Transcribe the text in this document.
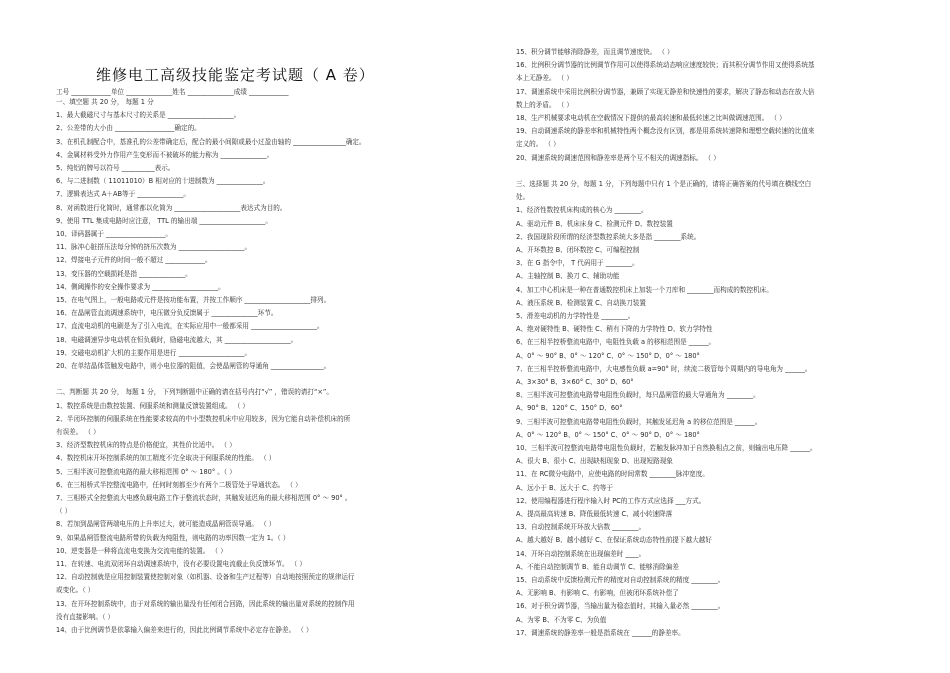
维修电工高级技能鉴定考试题（ A 卷）
工号 ____________单位 ______________姓名 ______________成绩 ____________
一、填空题 共 20 分， 每题 1 分
1、最大截磁尺寸与基本尺寸的关系是 ____________________。
2、公差带的大小由 __________________确定的。
3、在机孔制配合中，基准孔的公差带确定后，配合的最小间隙或最小过盈由轴的 ________________确定。
4、金属材料受外力作用产生变形而不被破坏的能力称为 ______________。
5、纯铝的牌号以符号 __________表示。
6、与二进制数（ 11011010）B 相对应的十进制数为 ______________。
7、逻辑表达式 A＋AB等于 ______________。
8、对函数进行化简时，通常都以化简为 ____________________表达式为目的。
9、使用 TTL 集成电路时应注意， TTL 的输出端 ____________________。
10、译码器属于 __________________。
11、脉冲心脏搭压法每分钟的挤压次数为 ____________________。
12、焊接电子元件的时间一般不超过 ____________。
13、变压器的空载损耗是指 ______________。
14、侧阈操作的安全操作要求为 ____________________。
15、在电气图上，一般电路或元件是按功能布置，并按工作顺序 ____________________排列。
16、在晶闸管直流调速系统中，电压微分负反馈属于 ______________环节。
17、直流电动机的电刷是为了引入电流，在实际应用中一般都采用 ____________________。
18、电磁调速异步电动机在恒负载时，励磁电流越大，其 ____________________。
19、交磁电动机扩大机的主要作用是进行 ____________________。
20、在单结晶体管触发电路中，则小电位器的阻值，会使晶闸管的导通角 ________________。
二、判断题 共 20 分， 每题 1 分， 下列判断题中正确的请在括号内打“√” ，错误的请打“×”。
1、数控系统是由数控装置、伺服系统和测量反馈装置组成。 （ ）
2、半闭环控制的伺服系统在性能要求较高的中小型数控机床中应用较多，因为它能自动补偿机床的所
有误差。 （ ）
3、经济型数控机床的特点是价格便宜，其性价比适中。 （ ）
4、数控机床开环控制系统的加工精度不完全取决于伺服系统的性能。 （ ）
5、三相半波可控整流电路的最大移相范围 0° ～ 180° 。（ ）
6、在三相桥式半控整流电路中，任何时刻都至少有两个二极管处于导通状态。 （ ）
7、三相桥式全控整流大电感负载电路工作于整流状态时，其触发延迟角的最大移相范围 0° ～ 90° 。
（ ）
8、若加到晶闸管两端电压的上升率过大，就可能造成晶闸管误导通。 （ ）
9、如果晶闸管整流电路所带的负载为纯阻性，则电路的功率因数一定为 1。（ ）
10、逆变器是一种将直流电变换为交流电能的装置。 （ ）
11、在转速、电流双闭环自动调速系统中，没有必要设置电流截止负反馈环节。 （ ）
12、自动控制就是应用控制装置使控制对象（如机器、设备和生产过程等）自动地按照预定的规律运行
或变化。（ ）
13、在开环控制系统中，由于对系统的输出量没有任何闭合回路，因此系统的输出量对系统的控制作用
没有直接影响。（ ）
14、由于比例调节是依靠输入偏差来进行的，因此比例调节系统中必定存在静差。 （ ）
15、积分调节能够消除静差，而且调节速度快。 （ ）
16、比例积分调节器的比例调节作用可以使得系统动态响应速度较快；而其积分调节作用又使得系统基
本上无静差。 （ ）
17、调速系统中采用比例积分调节器，兼顾了实现无静差和快速性的要求，解决了静态和动态在放大倍
数上的矛盾。 （ ）
18、生产机械要求电动机在空载情况下提供的最高转速和最低转速之比叫做调速范围。 （ ）
19、自动调速系统的静差率和机械特性两个概念没有区别，都是用系统转速降和理想空载转速的比值来
定义的。 （ ）
20、调速系统的调速范围和静差率是两个互不相关的调速指标。 （ ）
三、选择题 共 20 分，每题 1 分，下列每题中只有 1 个是正确的，请将正确答案的代号填在横线空白
处。
1、经济性数控机床构成的核心为 ________。
A、驱动元件 B、机床床身 C、检测元件 D、数控装置
2、我国现阶段所谓的经济型数控系统大多是指 ________系统。
A、开环数控 B、闭环数控 C、可编程控制
3、在 G 指令中， T 代码用于 ________。
A、主轴控制 B、换刀 C、辅助功能
4、加工中心机床是一种在普通数控机床上加装一个刀库和 ________而构成的数控机床。
A、液压系统 B、检测装置 C、自动换刀装置
5、滑差电动机的力学特性是 ________。
A、绝对硬特性 B、硬特性 C、稍有下降的力学特性 D、软力学特性
6、在三相半控桥整流电路中，电阻性负载 a 的移相范围是 ______。
A、0° ～ 90° B、0° ～ 120° C、0° ～ 150° D、0° ～ 180°
7、在三相半控桥整流电路中，大电感性负载 a=90° 时，续流二极管每个周期内的导电角为 ______。
A、3×30° B、3×60° C、30° D、60°
8、三相半波可控整流电路带电阻性负载时，每只晶闸管的最大导通角为 ________。
A、90° B、120° C、150° D、60°
9、三相半波可控整流电路带电阻性负载时，其触发延迟角 a 的移位范围是 ______。
A、0° ～ 120° B、0° ～ 150° C、0° ～ 90° D、0° ～ 180°
10、三相半波可控整流电路带电阻性负载时，若触发脉冲加于自然换相点之前，则输出电压降 ______。
A、很大 B、很小 C、出现缺相现象 D、出现短路现象
11、在 RC微分电路中，应使电路的时间常数 ________脉冲宽度。
A、远小于 B、远大于 C、约等于
12、使用编程器进行程序输入时 PC的工作方式应选择 ___方式。
A、提高最高转速 B、降低最低转速 C、减小转速降落
13、自动控制系统开环放大倍数 ________。
A、越大越好 B、越小越好 C、在保证系统动态特性前提下越大越好
14、开环自动控制系统在出现偏差时 ____。
A、不能自动控制调节 B、能自动调节 C、能够消除偏差
15、自动系统中反馈检测元件的精度对自动控制系统的精度 ________。
A、无影响 B、有影响 C、有影响，但被闭环系统补偿了
16、对于积分调节器，当输出量为稳态值时，其输入量必然 ________。
A、为零 B、不为零 C、为负值
17、调速系统的静差率一般是指系统在 ______的静差率。
